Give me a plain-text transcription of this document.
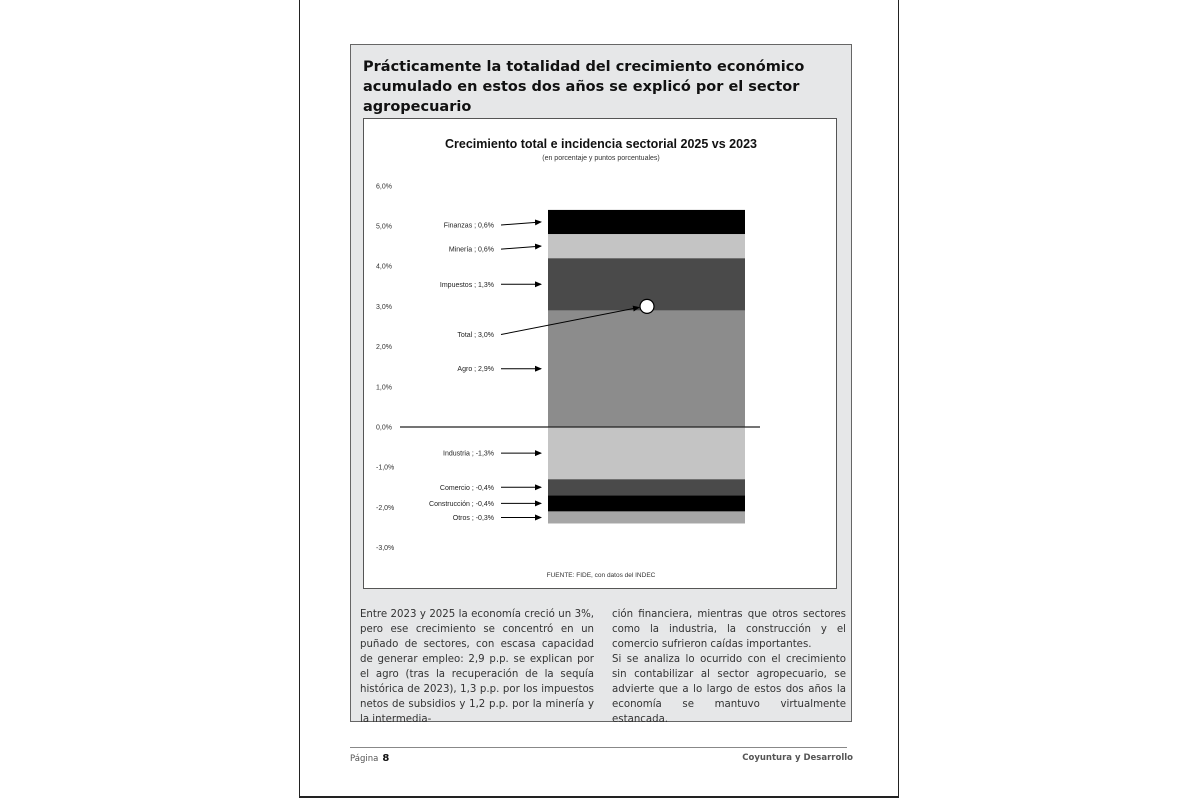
Prácticamente la totalidad del crecimiento económico acumulado en estos dos años se explicó por el sector agropecuario
Crecimiento total e incidencia sectorial 2025 vs 2023
(en porcentaje y puntos porcentuales)
6,0%
5,0%
4,0%
3,0%
2,0%
1,0%
0,0%
-1,0%
-2,0%
-3,0%
Agro ; 2,9%
Impuestos ; 1,3%
Minería ; 0,6%
Finanzas ; 0,6%
Industria ; -1,3%
Comercio ; -0,4%
Construcción ; -0,4%
Otros ; -0,3%
Total ; 3,0%
FUENTE: FIDE, con datos del INDEC

Entre 2023 y 2025 la economía creció un 3%, pero ese crecimiento se concentró en un puñado de sectores, con escasa capacidad de generar empleo: 2,9 p.p. se explican por el agro (tras la recuperación de la sequía histórica de 2023), 1,3 p.p. por los impuestos netos de subsidios y 1,2 p.p. por la minería y la intermedia-

ción financiera, mientras que otros sectores como la industria, la construcción y el comercio sufrieron caídas importantes.

Si se analiza lo ocurrido con el crecimiento sin contabilizar al sector agropecuario, se advierte que a lo largo de estos dos años la economía se mantuvo virtualmente estancada.

Página 8	Coyuntura y Desarrollo
